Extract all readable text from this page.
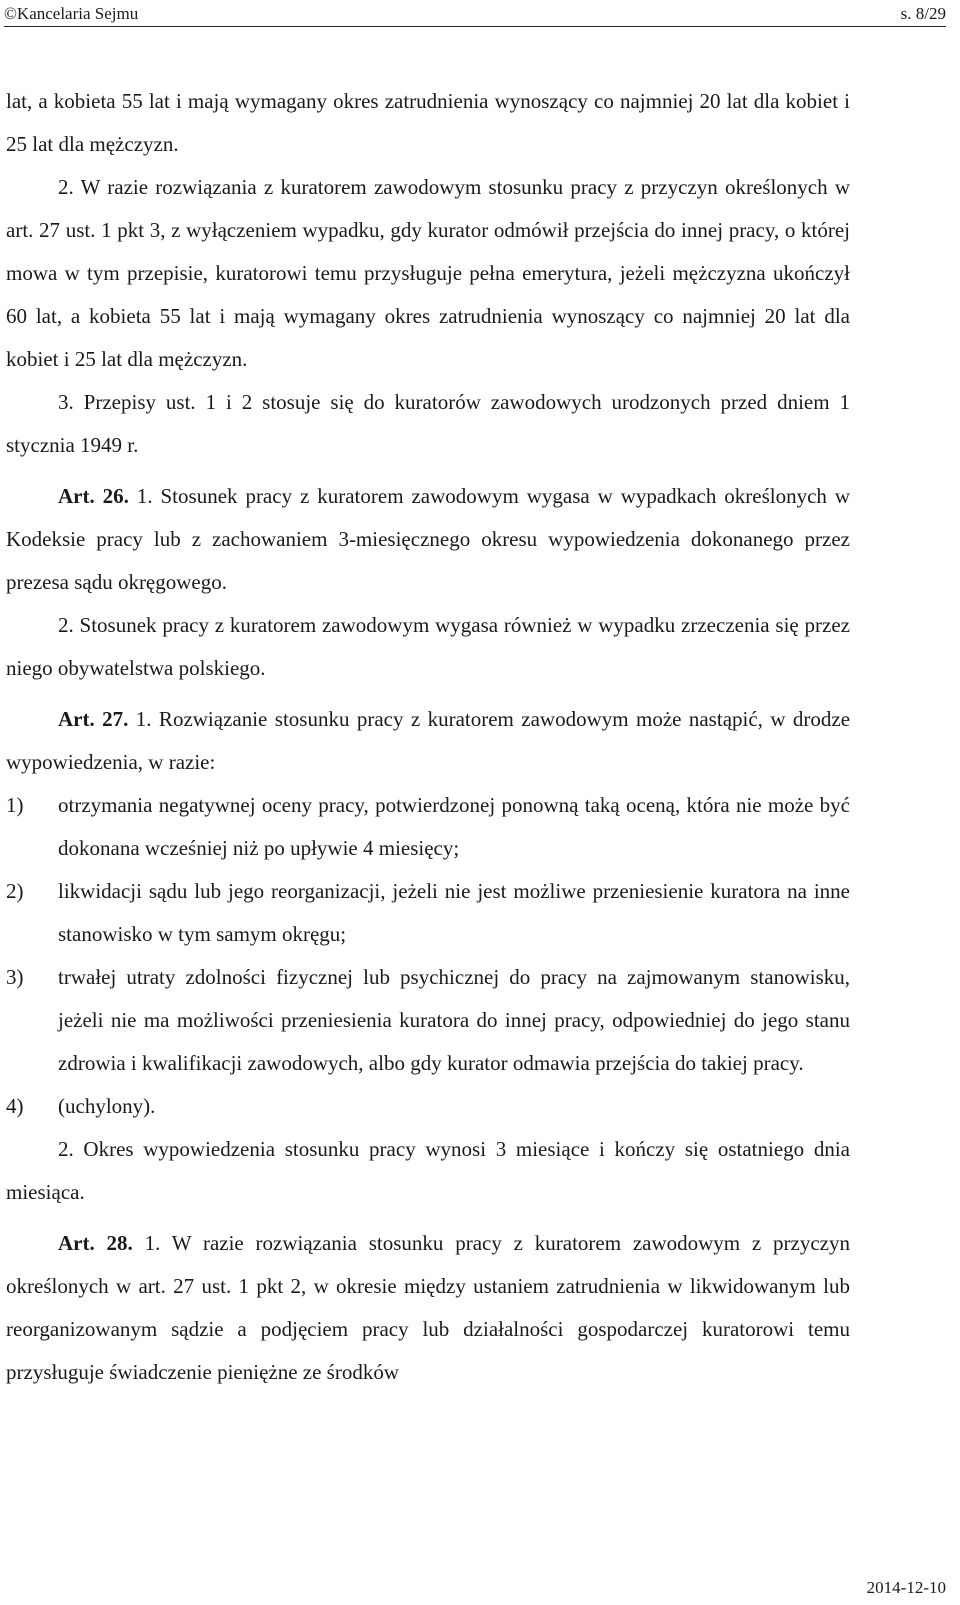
©Kancelaria Sejmu	s. 8/29

lat, a kobieta 55 lat i mają wymagany okres zatrudnienia wynoszący co najmniej 20 lat dla kobiet i 25 lat dla mężczyzn.

2. W razie rozwiązania z kuratorem zawodowym stosunku pracy z przyczyn określonych w art. 27 ust. 1 pkt 3, z wyłączeniem wypadku, gdy kurator odmówił przejścia do innej pracy, o której mowa w tym przepisie, kuratorowi temu przysługuje pełna emerytura, jeżeli mężczyzna ukończył 60 lat, a kobieta 55 lat i mają wymagany okres zatrudnienia wynoszący co najmniej 20 lat dla kobiet i 25 lat dla mężczyzn.

3. Przepisy ust. 1 i 2 stosuje się do kuratorów zawodowych urodzonych przed dniem 1 stycznia 1949 r.

Art. 26. 1. Stosunek pracy z kuratorem zawodowym wygasa w wypadkach określonych w Kodeksie pracy lub z zachowaniem 3-miesięcznego okresu wypowiedzenia dokonanego przez prezesa sądu okręgowego.

2. Stosunek pracy z kuratorem zawodowym wygasa również w wypadku zrzeczenia się przez niego obywatelstwa polskiego.

Art. 27. 1. Rozwiązanie stosunku pracy z kuratorem zawodowym może nastąpić, w drodze wypowiedzenia, w razie:

1) otrzymania negatywnej oceny pracy, potwierdzonej ponowną taką oceną, która nie może być dokonana wcześniej niż po upływie 4 miesięcy;
2) likwidacji sądu lub jego reorganizacji, jeżeli nie jest możliwe przeniesienie kuratora na inne stanowisko w tym samym okręgu;
3) trwałej utraty zdolności fizycznej lub psychicznej do pracy na zajmowanym stanowisku, jeżeli nie ma możliwości przeniesienia kuratora do innej pracy, odpowiedniej do jego stanu zdrowia i kwalifikacji zawodowych, albo gdy kurator odmawia przejścia do takiej pracy.
4) (uchylony).

2. Okres wypowiedzenia stosunku pracy wynosi 3 miesiące i kończy się ostatniego dnia miesiąca.

Art. 28. 1. W razie rozwiązania stosunku pracy z kuratorem zawodowym z przyczyn określonych w art. 27 ust. 1 pkt 2, w okresie między ustaniem zatrudnienia w likwidowanym lub reorganizowanym sądzie a podjęciem pracy lub działalności gospodarczej kuratorowi temu przysługuje świadczenie pieniężne ze środków

2014-12-10
